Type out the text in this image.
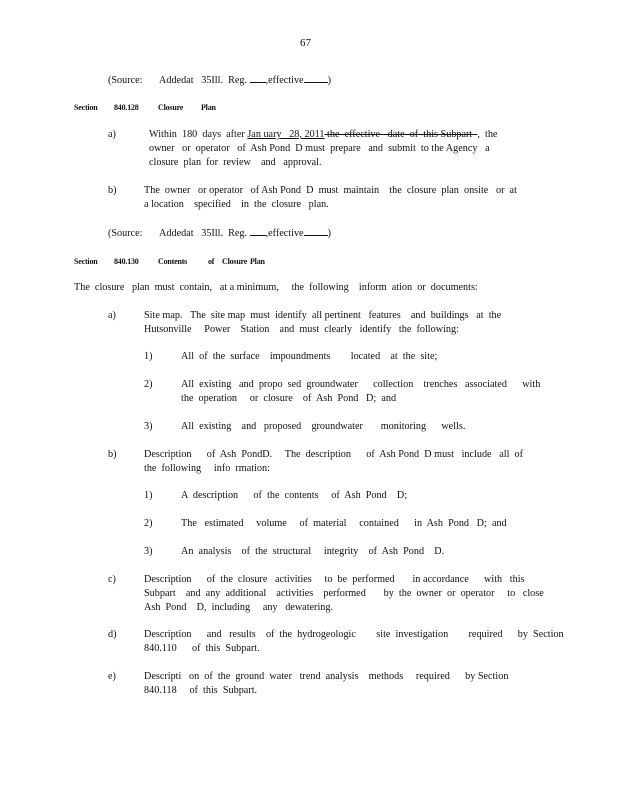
67
(Source: Addedat   35Ill.  Reg. ,effective )
Section 840.128 Closure Plan
a)	Within  180  days  after Jan uary   28, 2011 the  effective   date  of  this Subpart  ,  the
owner   or  operator   of  Ash Pond  D must  prepare   and  submit  to the Agency   a
closure  plan  for  review    and   approval.
b)	The  owner   or operator   of Ash Pond  D  must  maintain    the  closure  plan  onsite   or  at
a location    specified    in  the  closure   plan.
(Source: Addedat   35Ill.  Reg. ,effective )
Section 840.130 Contents	of Closure Plan
The  closure   plan  must  contain,   at a minimum,     the  following    inform  ation  or  documents:
a)	Site map.   The  site map  must  identify  all pertinent   features    and  buildings   at  the
Hutsonville     Power    Station    and  must  clearly   identify   the  following:
1)	All  of  the  surface    impoundments        located    at  the  site;
2)	All  existing   and  propo  sed  groundwater      collection    trenches   associated      with
the  operation     or  closure    of  Ash  Pond   D;  and
3)	All  existing    and   proposed    groundwater       monitoring      wells.
b)	Description      of  Ash  PondD.     The  description      of  Ash Pond  D must   include   all  of
the  following     info  rmation:
1)	A  description      of  the  contents     of  Ash  Pond    D;
2)	The   estimated     volume     of  material     contained      in  Ash  Pond   D;  and
3)	An  analysis    of  the  structural     integrity    of  Ash  Pond    D.
c)	Description      of  the  closure   activities     to  be  performed       in accordance      with   this
Subpart    and  any  additional    activities    performed       by  the  owner  or  operator     to   close
Ash  Pond    D,  including     any   dewatering.
d)	Description      and   results    of  the  hydrogeologic        site  investigation        required      by  Section
840.110      of  this  Subpart.
e)	Descripti   on  of  the  ground  water   trend  analysis    methods     required      by Section
840.118     of  this  Subpart.
